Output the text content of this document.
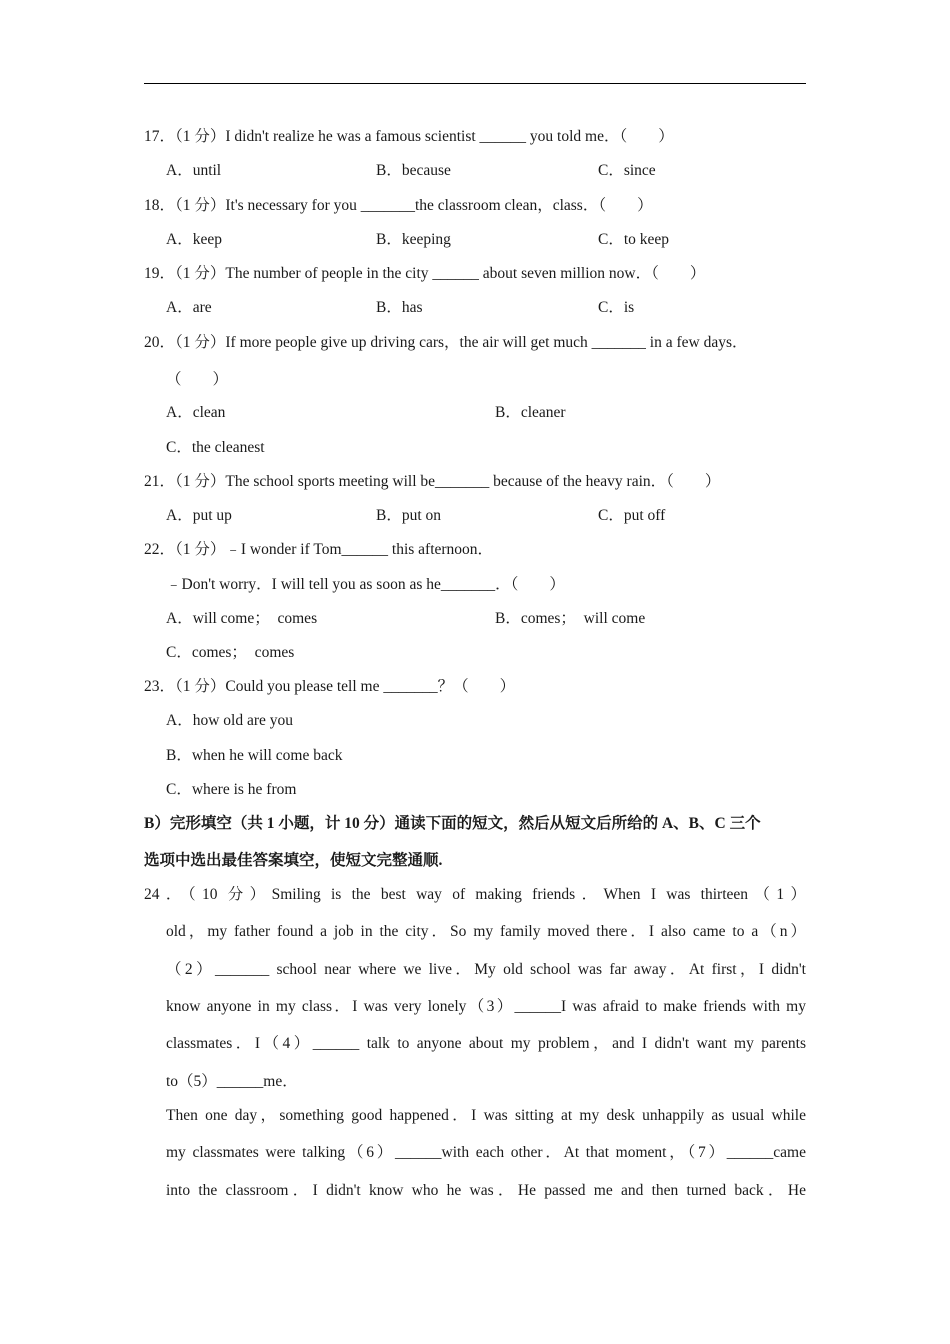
17．（1 分）I didn't realize he was a famous scientist ______ you told me．（　　）
A．until	B．because	C．since
18．（1 分）It's necessary for you _______the classroom clean，class．（　　）
A．keep	B．keeping	C．to keep
19．（1 分）The number of people in the city ______ about seven million now．（　　）
A．are	B．has	C．is
20．（1 分）If more people give up driving cars，the air will get much _______ in a few days．
（　　）
A．clean	B．cleaner
C．the cleanest
21．（1 分）The school sports meeting will be_______ because of the heavy rain．（　　）
A．put up	B．put on	C．put off
22．（1 分）﹣I wonder if Tom______ this afternoon．
﹣Don't worry．I will tell you as soon as he_______．（　　）
A．will come；  comes	B．comes；  will come
C．comes；  comes
23．（1 分）Could you please tell me _______？（　　）
A．how old are you
B．when he will come back
C．where is he from
B）完形填空（共 1 小题，计 10 分）通读下面的短文，然后从短文后所给的 A、B、C 三个
选项中选出最佳答案填空，使短文完整通顺.
24．（10 分）Smiling is the best way of making friends．When I was thirteen（1）
old，my father found a job in the city．So my family moved there．I also came to a（n）
（2）_______ school near where we live．My old school was far away．At first，I didn't
know anyone in my class．I was very lonely（3）______I was afraid to make friends with my
classmates．I（4）______ talk to anyone about my problem，and I didn't want my parents
to（5）______me．
Then one day，something good happened．I was sitting at my desk unhappily as usual while
my classmates were talking（6）______with each other．At that moment，（7）______came
into the classroom．I didn't know who he was．He passed me and then turned back．He
